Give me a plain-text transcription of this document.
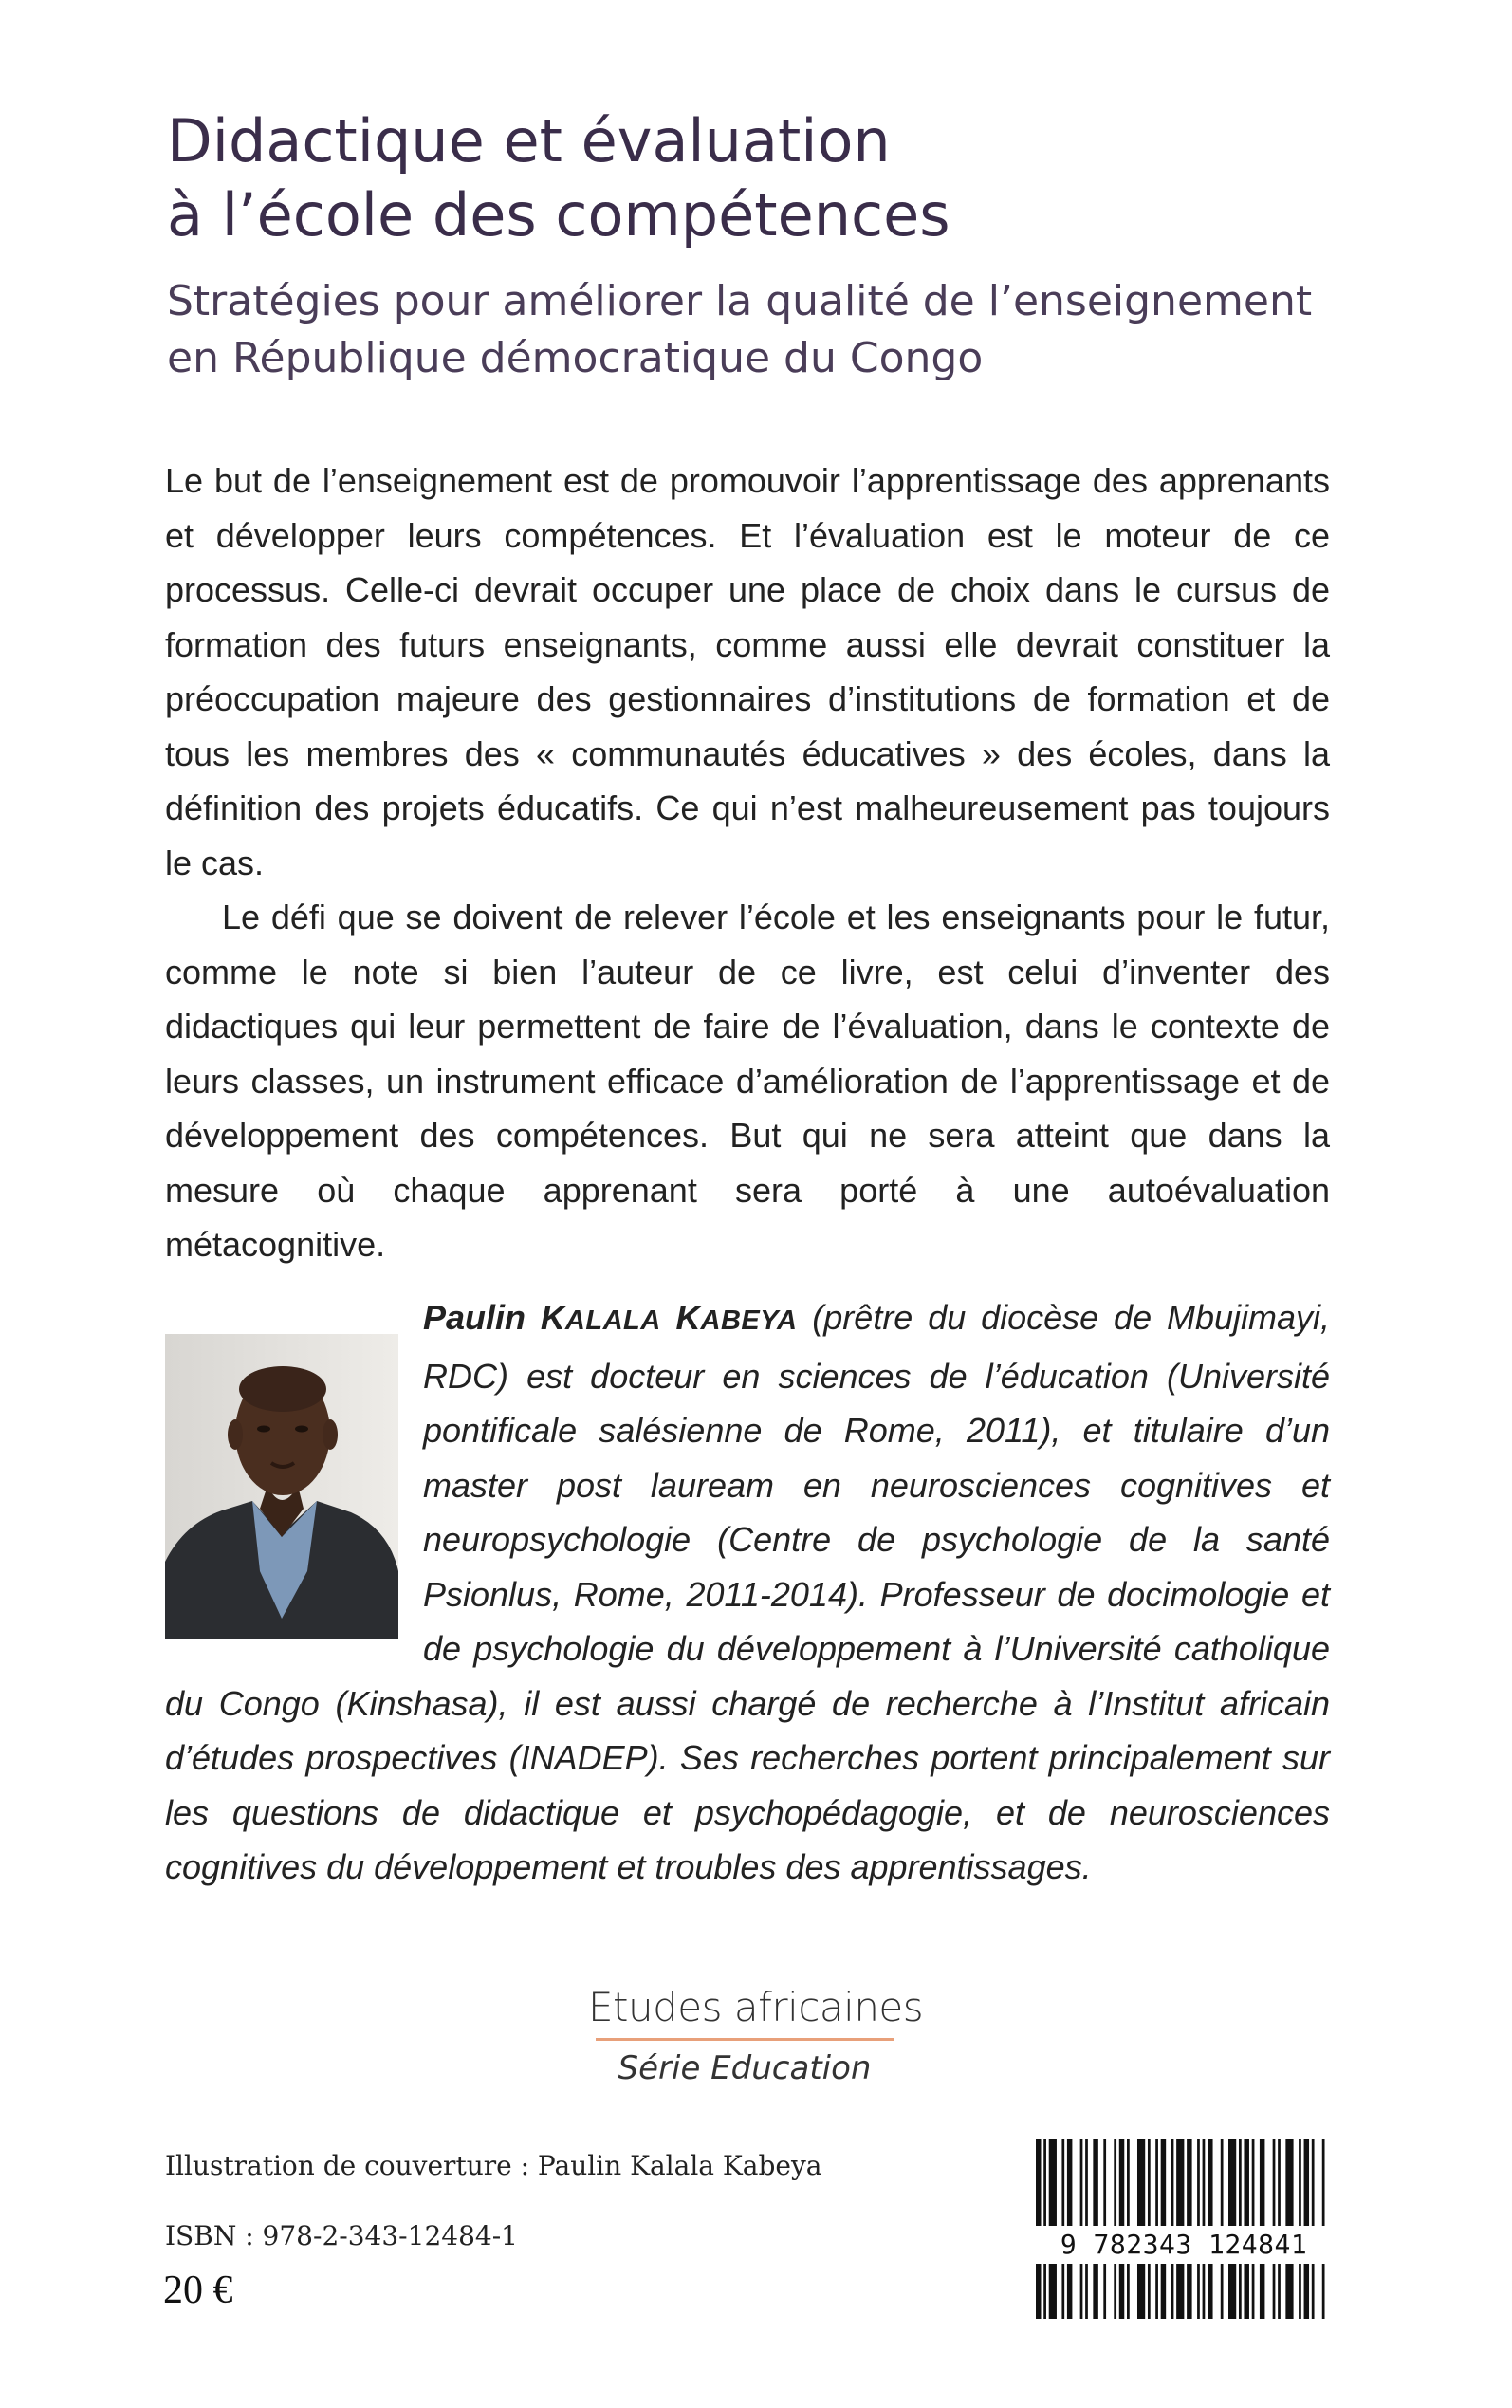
Didactique et évaluation
à l’école des compétences
Stratégies pour améliorer la qualité de l’enseignement
en République démocratique du Congo

Le but de l’enseignement est de promouvoir l’apprentissage des apprenants et développer leurs compétences. Et l’évaluation est le moteur de ce processus. Celle-ci devrait occuper une place de choix dans le cursus de formation des futurs enseignants, comme aussi elle devrait constituer la préoccupation majeure des gestionnaires d’institutions de formation et de tous les membres des « communautés éducatives » des écoles, dans la définition des projets éducatifs. Ce qui n’est malheureusement pas toujours le cas.

Le défi que se doivent de relever l’école et les enseignants pour le futur, comme le note si bien l’auteur de ce livre, est celui d’inventer des didactiques qui leur permettent de faire de l’évaluation, dans le contexte de leurs classes, un instrument efficace d’amélioration de l’apprentissage et de développement des compétences. But qui ne sera atteint que dans la mesure où chaque apprenant sera porté à une autoévaluation métacognitive.

Paulin KALALA KABEYA (prêtre du diocèse de Mbujimayi, RDC) est docteur en sciences de l’éducation (Université pontificale salésienne de Rome, 2011), et titulaire d’un master post lauream en neurosciences cognitives et neuropsychologie (Centre de psychologie de la santé Psionlus, Rome, 2011-2014). Professeur de docimologie et de psychologie du développement à l’Université catholique du Congo (Kinshasa), il est aussi chargé de recherche à l’Institut africain d’études prospectives (INADEP). Ses recherches portent principalement sur les questions de didactique et psychopédagogie, et de neurosciences cognitives du développement et troubles des apprentissages.

Etudes africaines
Série Education
Illustration de couverture : Paulin Kalala Kabeya
ISBN : 978-2-343-12484-1
20 €
9 782343 124841
